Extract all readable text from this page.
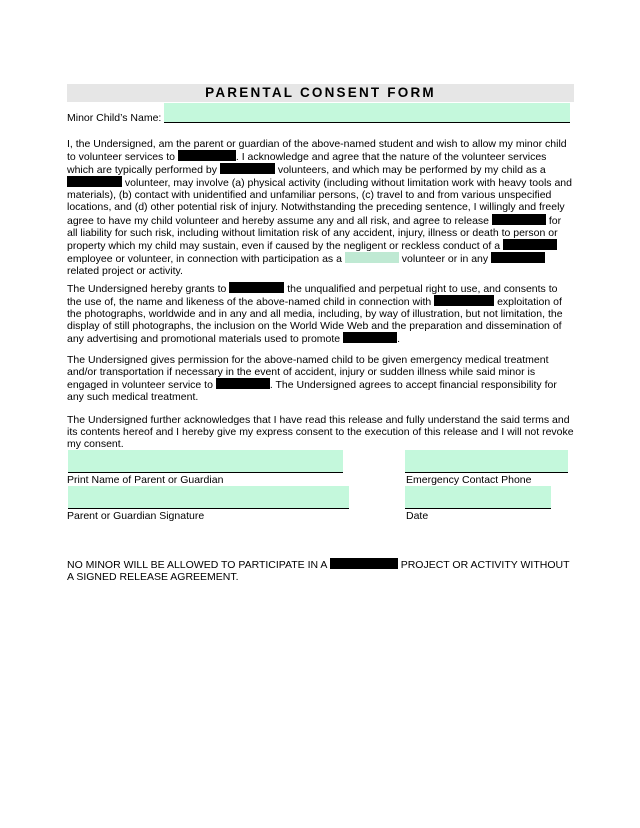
PARENTAL CONSENT FORM
Minor Child’s Name:
I, the Undersigned, am the parent or guardian of the above-named student and wish to allow my minor child to volunteer services to	. I acknowledge and agree that the nature of the volunteer services which are typically performed by	volunteers, and which may be performed by my child as a  volunteer, may involve (a) physical activity (including without limitation work with heavy tools and materials), (b) contact with unidentified and unfamiliar persons, (c) travel to and from various unspecified locations, and (d) other potential risk of injury. Notwithstanding the preceding sentence, I willingly and freely agree to have my child volunteer and hereby assume any and all risk, and agree to release	for all liability for such risk, including without limitation risk of any accident, injury, illness or death to person or property which my child may sustain, even if caused by the negligent or reckless conduct of a  employee or volunteer, in connection with participation as a	volunteer or in any  related project or activity.
The Undersigned hereby grants to	the unqualified and perpetual right to use, and consents to the use of, the name and likeness of the above-named child in connection with	exploitation of the photographs, worldwide and in any and all media, including, by way of illustration, but not limitation, the display of still photographs, the inclusion on the World Wide Web and the preparation and dissemination of any advertising and promotional materials used to promote	.
The Undersigned gives permission for the above-named child to be given emergency medical treatment and/or transportation if necessary in the event of accident, injury or sudden illness while said minor is engaged in volunteer service to	. The Undersigned agrees to accept financial responsibility for any such medical treatment.
The Undersigned further acknowledges that I have read this release and fully understand the said terms and its contents hereof and I hereby give my express consent to the execution of this release and I will not revoke my consent.
Print Name of Parent or Guardian	Emergency Contact Phone
Parent or Guardian Signature	Date
NO MINOR WILL BE ALLOWED TO PARTICIPATE IN A	PROJECT OR ACTIVITY WITHOUT A SIGNED RELEASE AGREEMENT.
